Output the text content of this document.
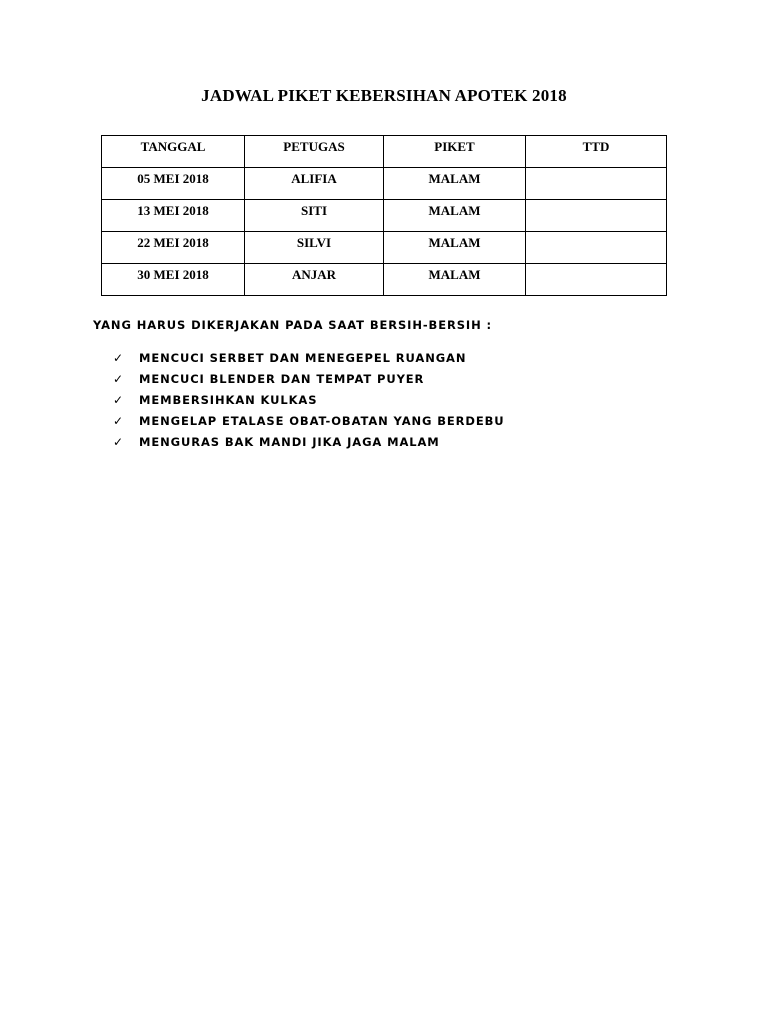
JADWAL PIKET KEBERSIHAN APOTEK 2018
TANGGAL	PETUGAS	PIKET	TTD
05 MEI 2018	ALIFIA	MALAM	
13 MEI 2018	SITI	MALAM	
22 MEI 2018	SILVI	MALAM	
30 MEI 2018	ANJAR	MALAM	
YANG HARUS DIKERJAKAN PADA SAAT BERSIH-BERSIH :
✓	MENCUCI SERBET DAN MENEGEPEL RUANGAN
✓	MENCUCI BLENDER DAN TEMPAT PUYER
✓	MEMBERSIHKAN KULKAS
✓	MENGELAP ETALASE OBAT-OBATAN YANG BERDEBU
✓	MENGURAS BAK MANDI JIKA JAGA MALAM
